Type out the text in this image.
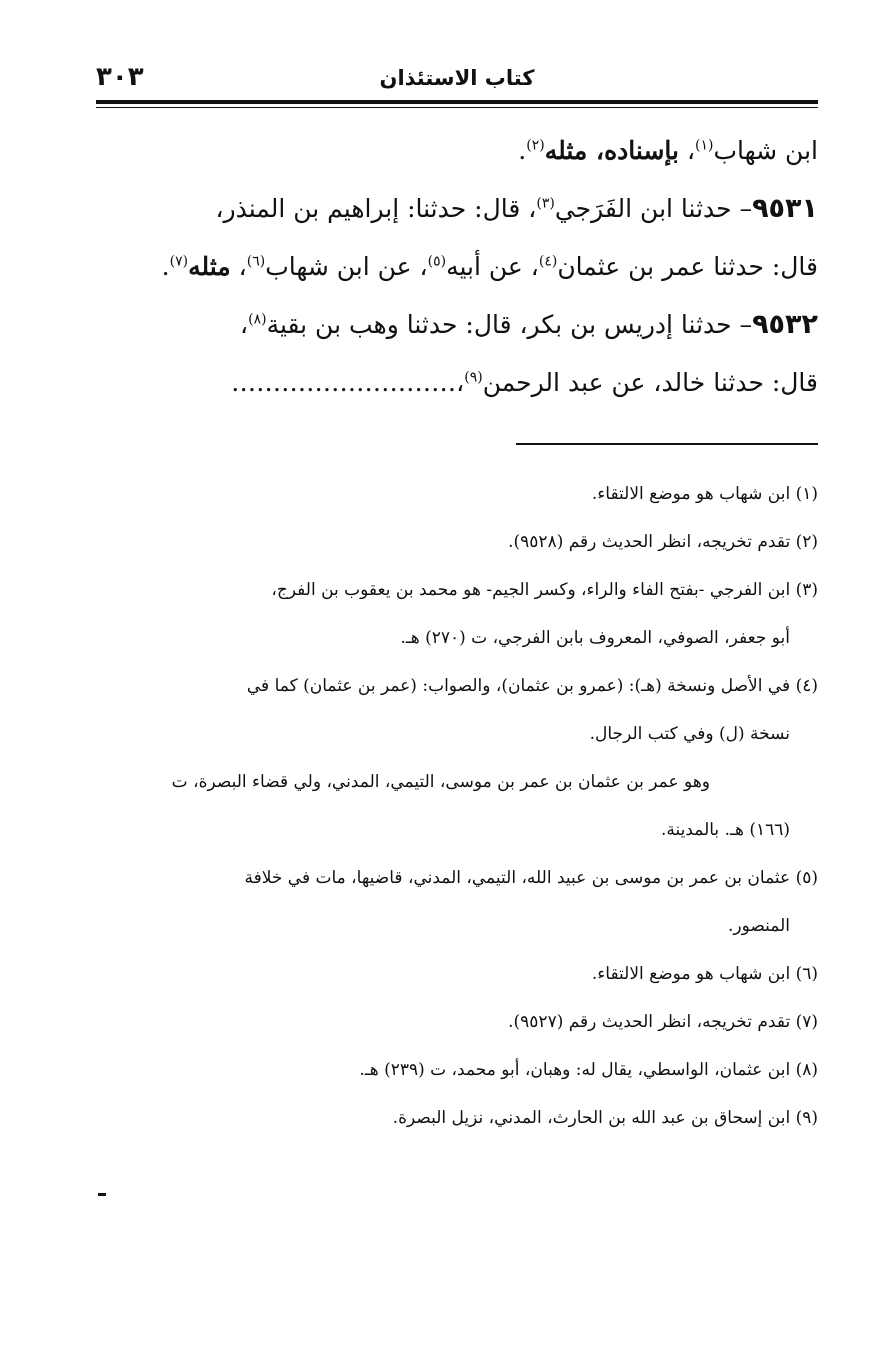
كتاب الاستئذان
٣٠٣
ابن شهاب$^{(١)}$، بإسناده، مثله$^{(٢)}$.
٩٥٣١– حدثنا ابن الفَرَجي$^{(٣)}$، قال: حدثنا: إبراهيم بن المنذر،
قال: حدثنا عمر بن عثمان$^{(٤)}$، عن أبيه$^{(٥)}$، عن ابن شهاب$^{(٦)}$، مثله$^{(٧)}$.
٩٥٣٢– حدثنا إدريس بن بكر، قال: حدثنا وهب بن بقية$^{(٨)}$،
قال: حدثنا خالد، عن عبد الرحمن$^{(٩)}$،………………………
(١) ابن شهاب هو موضع الالتقاء.
(٢) تقدم تخريجه، انظر الحديث رقم (٩٥٢٨).
(٣) ابن الفرجي -بفتح الفاء والراء، وكسر الجيم- هو محمد بن يعقوب بن الفرج،
أبو جعفر، الصوفي، المعروف بابن الفرجي، ت (٢٧٠) هـ.
(٤) في الأصل ونسخة (هـ): (عمرو بن عثمان)، والصواب: (عمر بن عثمان) كما في
نسخة (ل) وفي كتب الرجال.
وهو عمر بن عثمان بن عمر بن موسى، التيمي، المدني، ولي قضاء البصرة، ت
(١٦٦) هـ. بالمدينة.
(٥) عثمان بن عمر بن موسى بن عبيد الله، التيمي، المدني، قاضيها، مات في خلافة
المنصور.
(٦) ابن شهاب هو موضع الالتقاء.
(٧) تقدم تخريجه، انظر الحديث رقم (٩٥٢٧).
(٨) ابن عثمان، الواسطي، يقال له: وهبان، أبو محمد، ت (٢٣٩) هـ.
(٩) ابن إسحاق بن عبد الله بن الحارث، المدني، نزيل البصرة.
